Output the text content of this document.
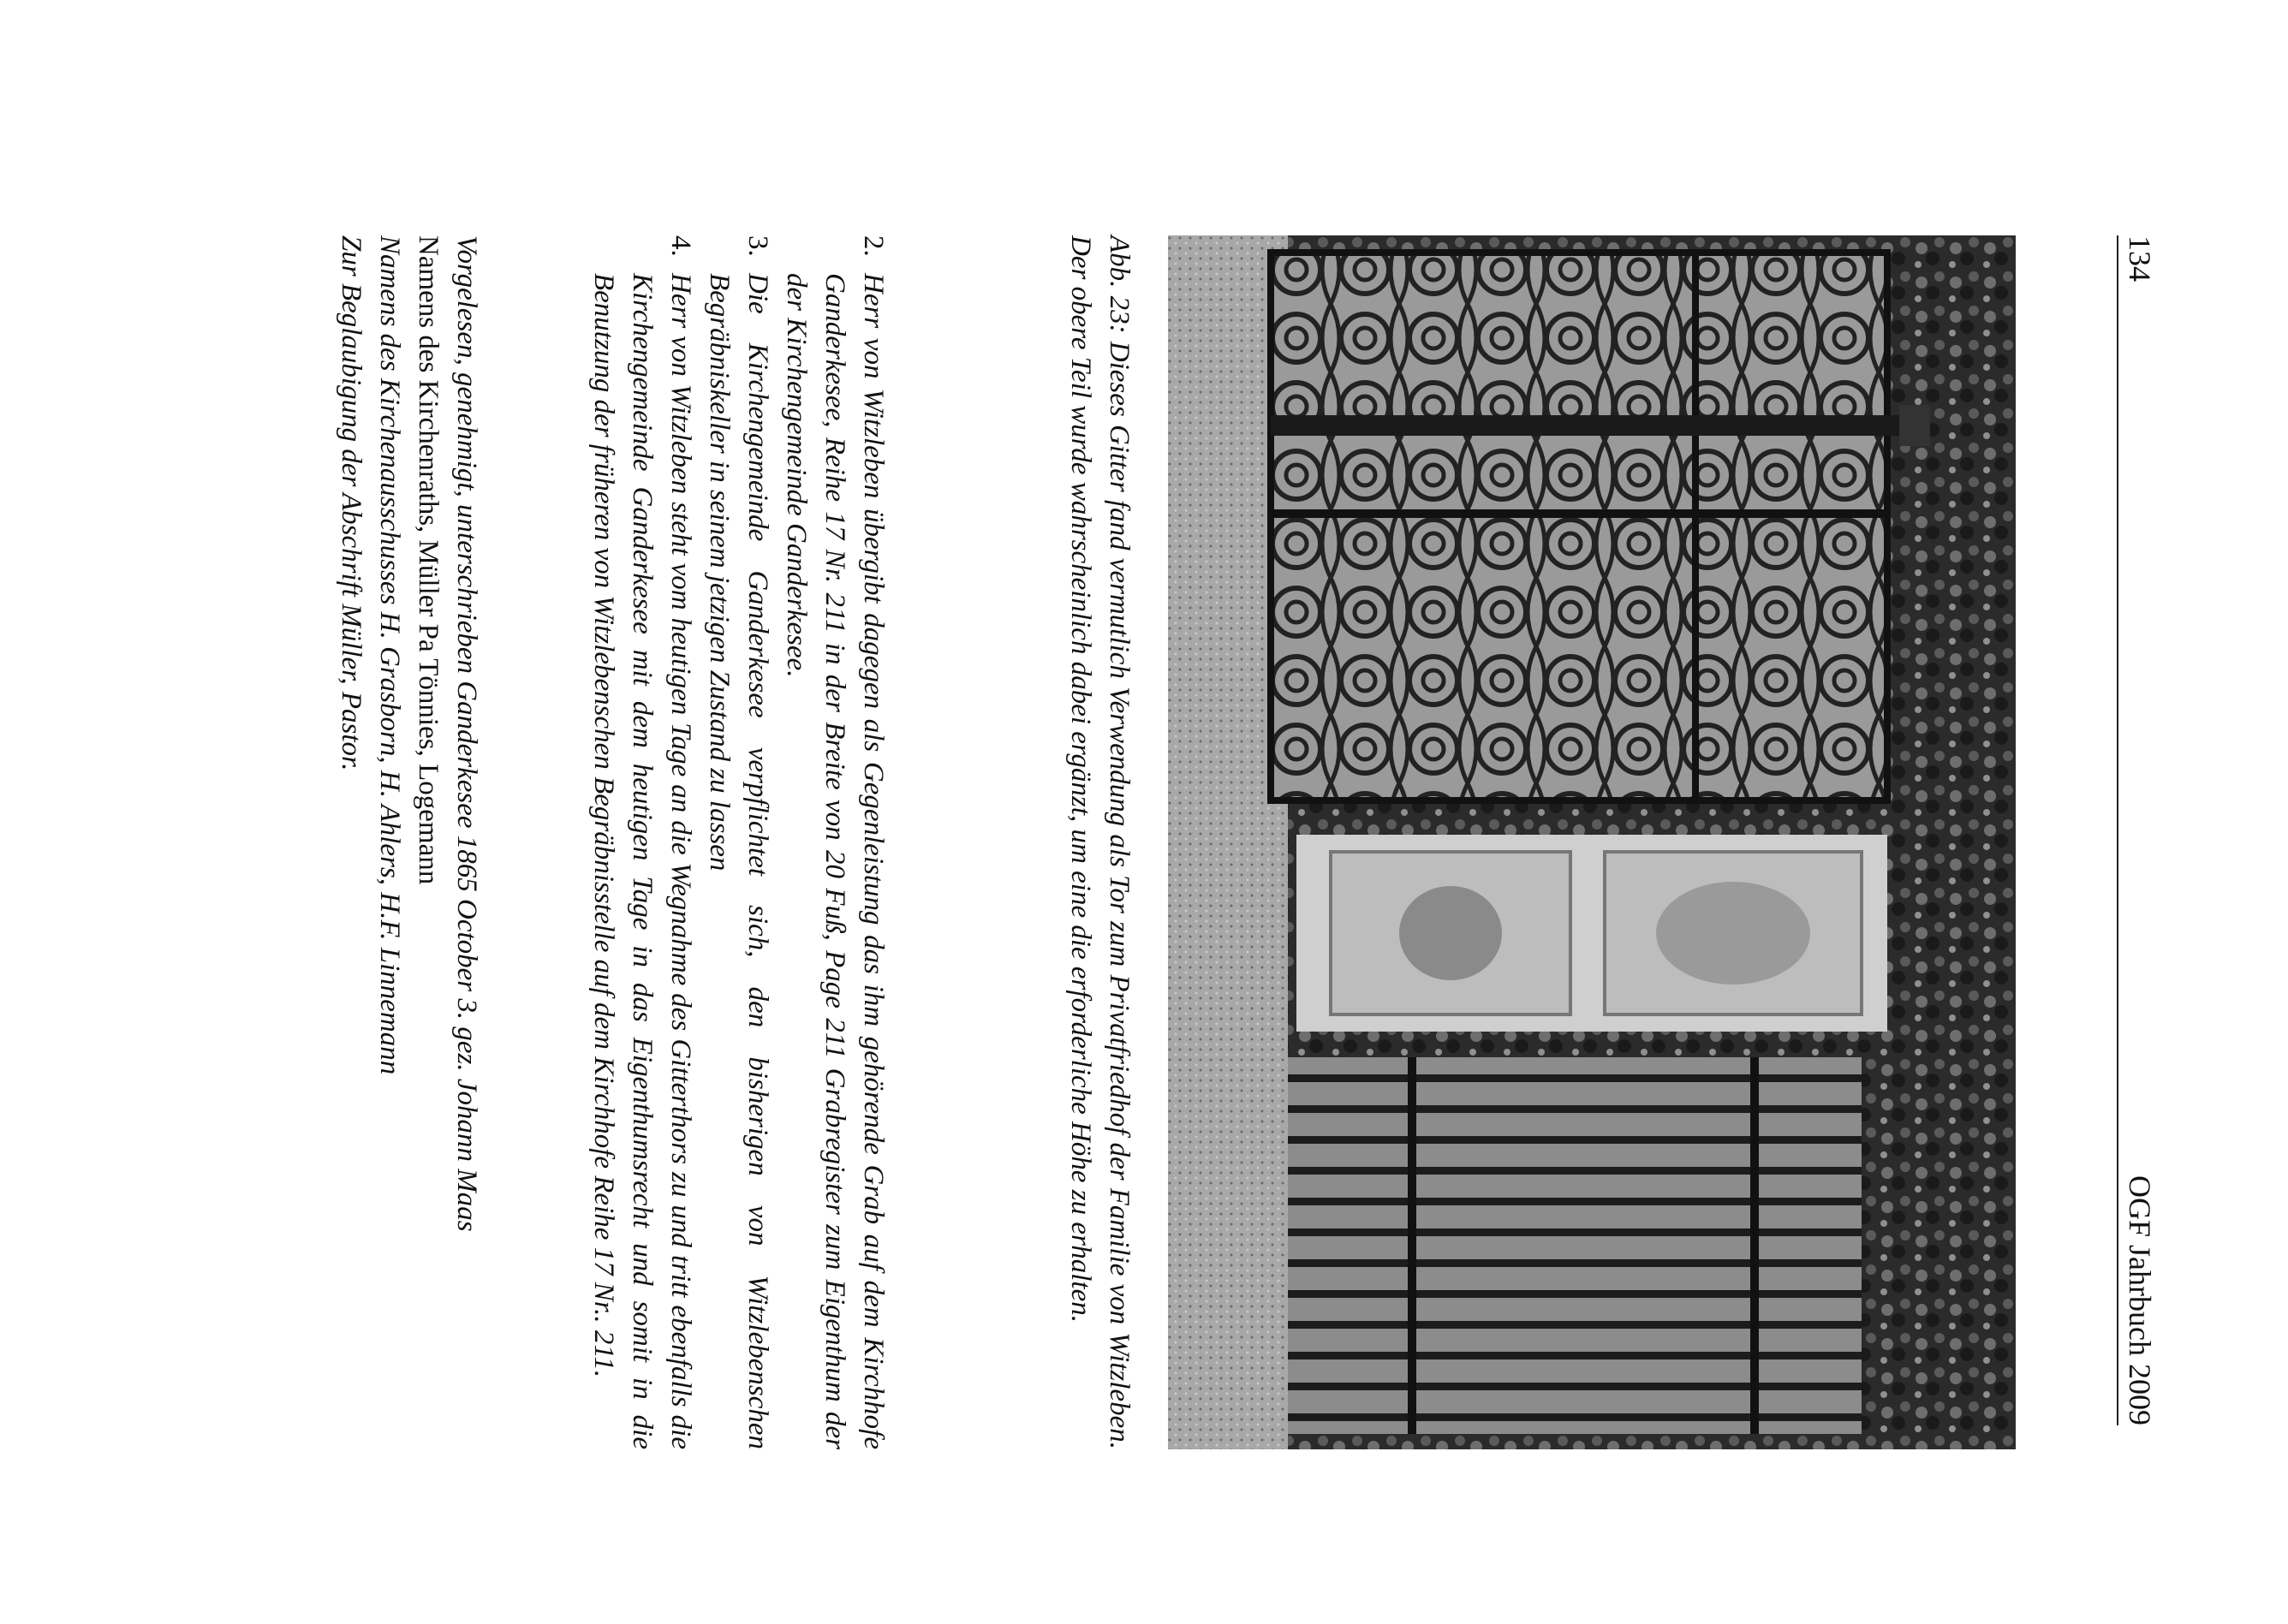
134
OGF Jahrbuch 2009

Abb. 23: Dieses Gitter fand vermutlich Verwendung als Tor zum Privatfriedhof der Familie von Witzleben. Der obere Teil wurde wahrscheinlich dabei ergänzt, um eine die erforderliche Höhe zu erhalten.

2.
Herr von Witzleben übergibt dagegen als Gegenleistung das ihm gehörende Grab auf dem Kirchhofe Ganderkesee, Reihe 17 Nr. 211 in der Breite von 20 Fuß, Page 211 Grabregister zum Eigenthum der der Kirchengemeinde Ganderkesee.
3.
Die Kirchengemeinde Ganderkesee verpflichtet sich, den bisherigen von Witzlebenschen Begräbniskeller in seinem jetzigen Zustand zu lassen
4.
Herr von Witzleben steht vom heutigen Tage an die Wegnahme des Gitterthors zu und tritt ebenfalls die Kirchengemeinde Ganderkesee mit dem heutigen Tage in das Eigenthumsrecht und somit in die Benutzung der früheren von Witzlebenschen Begräbnisstelle auf dem Kirchhofe Reihe 17 Nr.. 211.

Vorgelesen, genehmigt, unterschrieben Ganderkesee 1865 October 3. gez. Johann Maas

Namens des Kirchenraths, Müller Pa Tönnies, Logemann

Namens des Kirchenausschusses H. Grasborn, H. Ahlers, H.F. Linnemann

Zur Beglaubigung der Abschrift Müller, Pastor.
